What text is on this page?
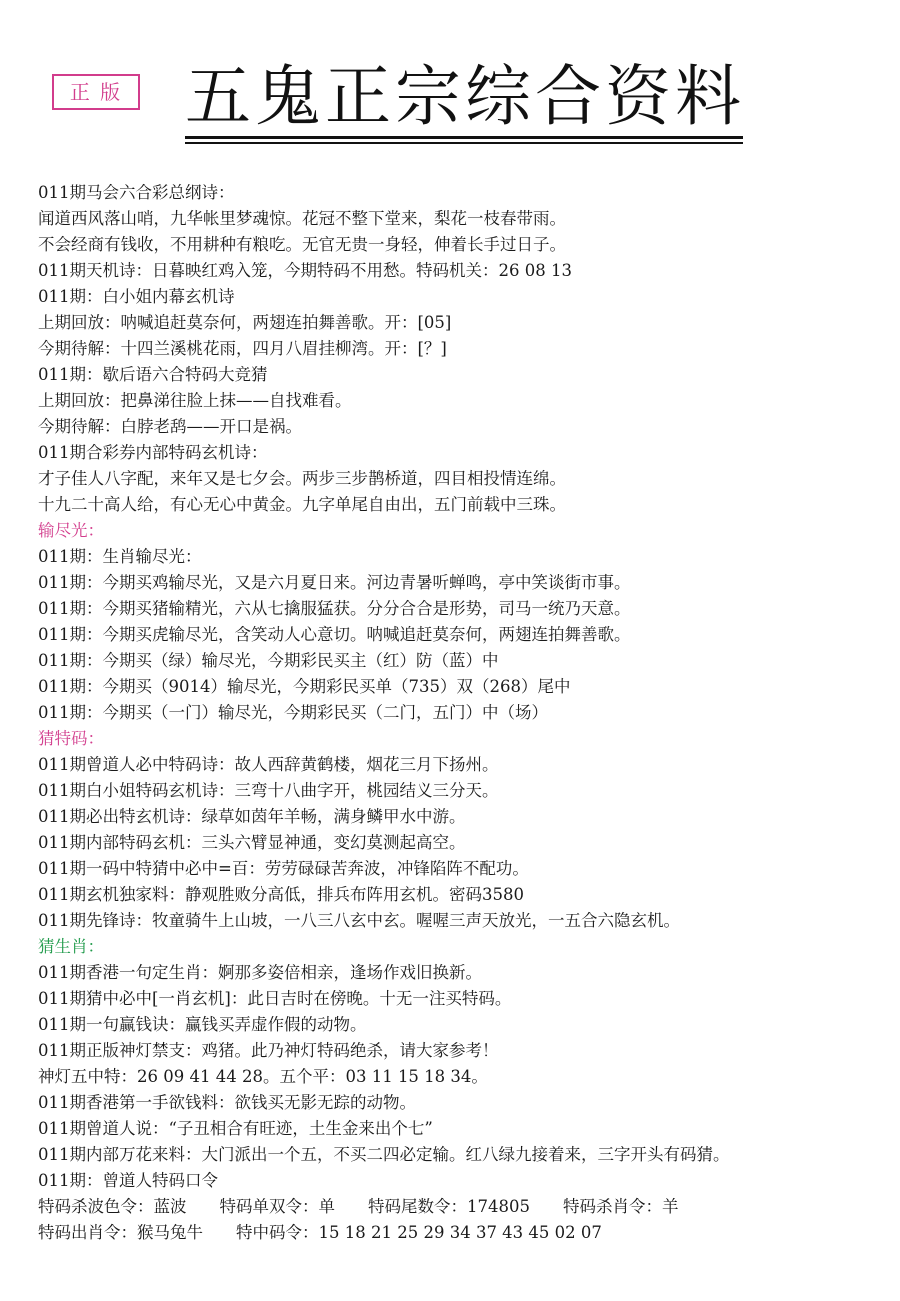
正 版 五鬼正宗综合资料
011期马会六合彩总纲诗：
闻道西风落山哨，九华帐里梦魂惊。花冠不整下堂来，梨花一枝春带雨。
不会经商有钱收，不用耕种有粮吃。无官无贵一身轻，伸着长手过日子。
011期天机诗：日暮映红鸡入笼，今期特码不用愁。特码机关：26 08 13
011期：白小姐内幕玄机诗
上期回放：呐喊追赶莫奈何，两翅连拍舞善歌。开：[05]
今期待解：十四兰溪桃花雨，四月八眉挂柳湾。开：[？]
011期：歇后语六合特码大竞猜
上期回放：把鼻涕往脸上抹——自找难看。
今期待解：白脖老鸹——开口是祸。
011期合彩券内部特码玄机诗：
才子佳人八字配，来年又是七夕会。两步三步鹊桥道，四目相投情连绵。
十九二十高人给，有心无心中黄金。九字单尾自由出，五门前载中三珠。
输尽光：
011期：生肖输尽光：
011期：今期买鸡输尽光，又是六月夏日来。河边青暑听蝉鸣，亭中笑谈街市事。
011期：今期买猪输精光，六从七擒服猛获。分分合合是形势，司马一统乃天意。
011期：今期买虎输尽光，含笑动人心意切。呐喊追赶莫奈何，两翅连拍舞善歌。
011期：今期买（绿）输尽光，今期彩民买主（红）防（蓝）中
011期：今期买（9014）输尽光，今期彩民买单（735）双（268）尾中
011期：今期买（一门）输尽光，今期彩民买（二门，五门）中（场）
猜特码：
011期曾道人必中特码诗：故人西辞黄鹤楼，烟花三月下扬州。
011期白小姐特码玄机诗：三弯十八曲字开，桃园结义三分天。
011期必出特玄机诗：绿草如茵年羊畅，满身鳞甲水中游。
011期内部特码玄机：三头六臂显神通，变幻莫测起高空。
011期一码中特猜中必中=百：劳劳碌碌苦奔波，冲锋陷阵不配功。
011期玄机独家料：静观胜败分高低，排兵布阵用玄机。密码3580
011期先锋诗：牧童骑牛上山坡，一八三八玄中玄。喔喔三声天放光，一五合六隐玄机。
猜生肖：
011期香港一句定生肖：婀那多姿倍相亲，逢场作戏旧换新。
011期猜中必中[一肖玄机]：此日吉时在傍晚。十无一注买特码。
011期一句赢钱诀：赢钱买弄虚作假的动物。
011期正版神灯禁支：鸡猪。此乃神灯特码绝杀，请大家参考！
神灯五中特：26 09 41 44 28。五个平：03 11 15 18 34。
011期香港第一手欲钱料：欲钱买无影无踪的动物。
011期曾道人说：“子丑相合有旺迹，土生金来出个七”
011期内部万花来料：大门派出一个五，不买二四必定输。红八绿九接着来，三字开头有码猜。
011期：曾道人特码口令
特码杀波色令：蓝波　　特码单双令：单　　特码尾数令：174805　　特码杀肖令：羊
特码出肖令：猴马兔牛　　特中码令：15 18 21 25 29 34 37 43 45 02 07
